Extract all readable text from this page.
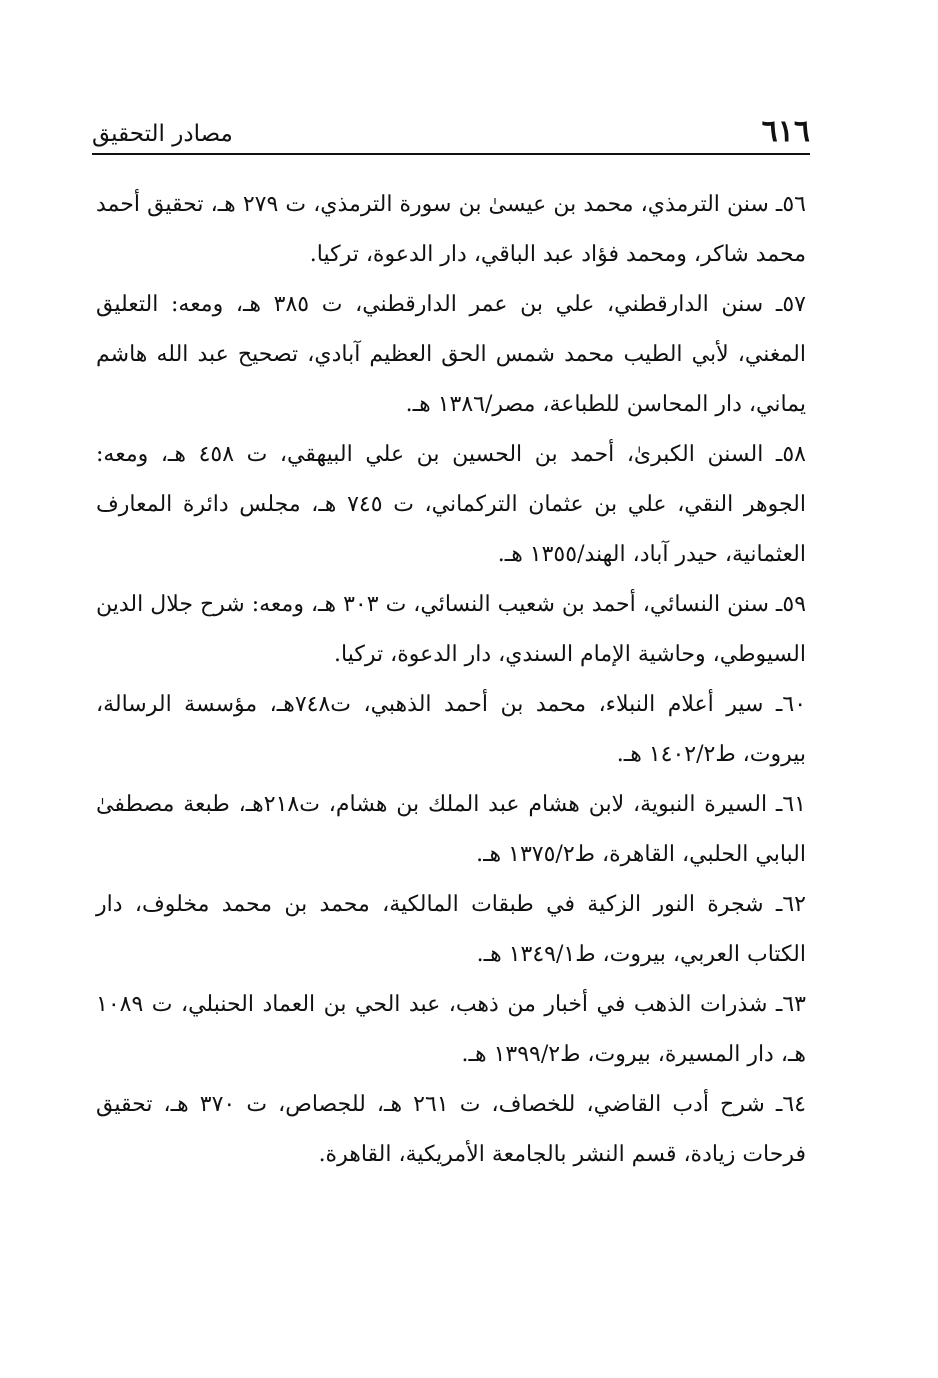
٦١٦
مصادر التحقيق

٥٦ـ سنن الترمذي، محمد بن عيسىٰ بن سورة الترمذي، ت ٢٧٩ هـ، تحقيق أحمد محمد شاكر، ومحمد فؤاد عبد الباقي، دار الدعوة، تركيا.

٥٧ـ سنن الدارقطني، علي بن عمر الدارقطني، ت ٣٨٥ هـ، ومعه: التعليق المغني، لأبي الطيب محمد شمس الحق العظيم آبادي، تصحيح عبد الله هاشم يماني، دار المحاسن للطباعة، مصر/١٣٨٦ هـ.

٥٨ـ السنن الكبرىٰ، أحمد بن الحسين بن علي البيهقي، ت ٤٥٨ هـ، ومعه: الجوهر النقي، علي بن عثمان التركماني، ت ٧٤٥ هـ، مجلس دائرة المعارف العثمانية، حيدر آباد، الهند/١٣٥٥ هـ.

٥٩ـ سنن النسائي، أحمد بن شعيب النسائي، ت ٣٠٣ هـ، ومعه: شرح جلال الدين السيوطي، وحاشية الإمام السندي، دار الدعوة، تركيا.

٦٠ـ سير أعلام النبلاء، محمد بن أحمد الذهبي، ت٧٤٨هـ، مؤسسة الرسالة، بيروت، ط١٤٠٢/٢ هـ.

٦١ـ السيرة النبوية، لابن هشام عبد الملك بن هشام، ت٢١٨هـ، طبعة مصطفىٰ البابي الحلبي، القاهرة، ط١٣٧٥/٢ هـ.

٦٢ـ شجرة النور الزكية في طبقات المالكية، محمد بن محمد مخلوف، دار الكتاب العربي، بيروت، ط١٣٤٩/١ هـ.

٦٣ـ شذرات الذهب في أخبار من ذهب، عبد الحي بن العماد الحنبلي، ت ١٠٨٩ هـ، دار المسيرة، بيروت، ط١٣٩٩/٢ هـ.

٦٤ـ شرح أدب القاضي، للخصاف، ت ٢٦١ هـ، للجصاص، ت ٣٧٠ هـ، تحقيق فرحات زيادة، قسم النشر بالجامعة الأمريكية، القاهرة.
